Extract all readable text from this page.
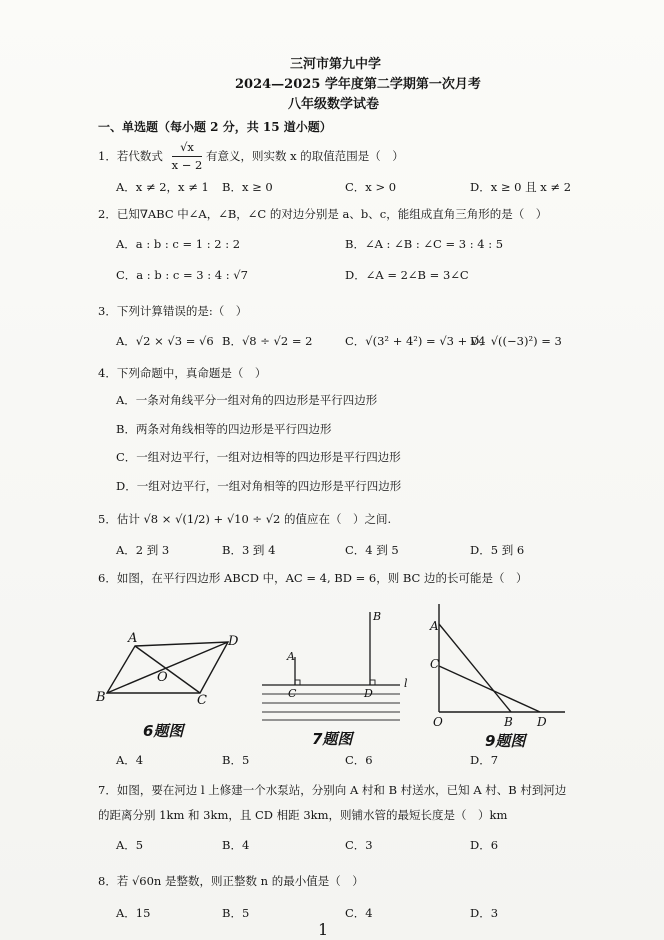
三河市第九中学
2024—2025 学年度第二学期第一次月考
八年级数学试卷
一、单选题（每小题 2 分，共 15 道小题）
1．若代数式
√x
x − 2
有意义，则实数 x 的取值范围是（　）
A．x ≠ 2，x ≠ 1 B．x ≥ 0	C．x > 0	D．x ≥ 0 且 x ≠ 2
2．已知∇ABC 中∠A，∠B，∠C 的对边分别是 a、b、c，能组成直角三角形的是（　）
A．a : b : c = 1 : 2 : 2	B．∠A : ∠B : ∠C = 3 : 4 : 5
C．a : b : c = 3 : 4 : √7	D．∠A = 2∠B = 3∠C
3．下列计算错误的是:（　）
A．√2 × √3 = √6 B．√8 ÷ √2 = 2	C．√(3² + 4²) = √3 + √4
D．√((−3)²) = 3
4．下列命题中，真命题是（　）
A．一条对角线平分一组对角的四边形是平行四边形
B．两条对角线相等的四边形是平行四边形
C．一组对边平行，一组对边相等的四边形是平行四边形
D．一组对边平行，一组对角相等的四边形是平行四边形
5．估计 √8 × √(1/2) + √10 ÷ √2 的值应在（　）之间.
A．2 到 3	B．3 到 4	C．4 到 5	D．5 到 6
6．如图，在平行四边形 ABCD 中，AC = 4, BD = 6，则 BC 边的长可能是（　）
A	D
O
B	C
6题图
B
A
C	D
l
7题图
A
C
O	B D
9题图
A．4	B．5	C．6	D．7
7．如图，要在河边 l 上修建一个水泵站，分别向 A 村和 B 村送水，已知 A 村、B 村到河边
的距离分别 1km 和 3km，且 CD 相距 3km，则铺水管的最短长度是（　）km
A．5	B．4	C．3	D．6
8．若 √60n 是整数，则正整数 n 的最小值是（　）
A．15	B．5	C．4	D．3
1
